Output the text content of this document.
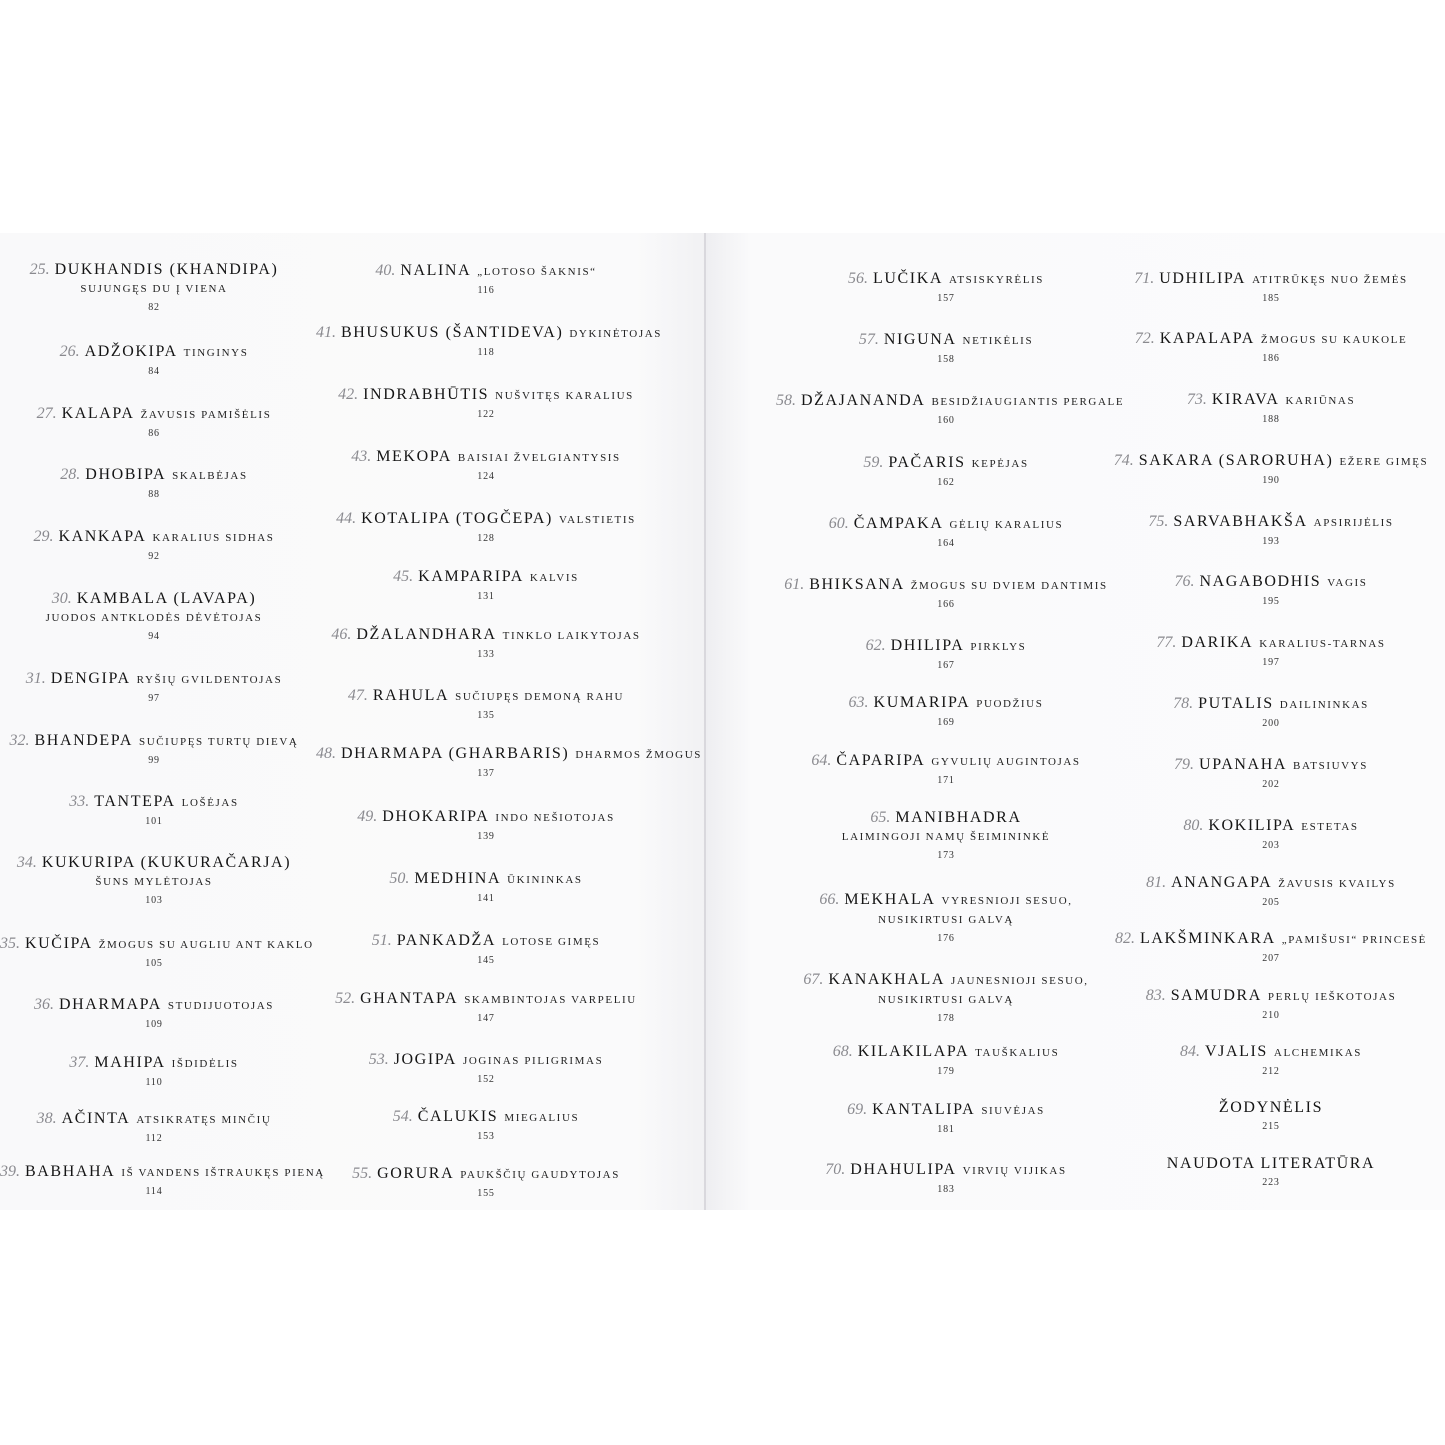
25. DUKHANDIS (KHANDIPA)
SUJUNGĘS DU Į VIENA
82
26. ADŽOKIPA TINGINYS
84
27. KALAPA ŽAVUSIS PAMIŠĖLIS
86
28. DHOBIPA SKALBĖJAS
88
29. KANKAPA KARALIUS SIDHAS
92
30. KAMBALA (LAVAPA)
JUODOS ANTKLODĖS DĖVĖTOJAS
94
31. DENGIPA RYŠIŲ GVILDENTOJAS
97
32. BHANDEPA SUČIUPĘS TURTŲ DIEVĄ
99
33. TANTEPA LOŠĖJAS
101
34. KUKURIPA (KUKURAČARJA)
ŠUNS MYLĖTOJAS
103
35. KUČIPA ŽMOGUS SU AUGLIU ANT KAKLO
105
36. DHARMAPA STUDIJUOTOJAS
109
37. MAHIPA IŠDIDĖLIS
110
38. AČINTA ATSIKRATĘS MINČIŲ
112
39. BABHAHA IŠ VANDENS IŠTRAUKĘS PIENĄ
114
40. NALINA „LOTOSO ŠAKNIS“
116
41. BHUSUKUS (ŠANTIDEVA) DYKINĖTOJAS
118
42. INDRABHŪTIS NUŠVITĘS KARALIUS
122
43. MEKOPA BAISIAI ŽVELGIANTYSIS
124
44. KOTALIPA (TOGČEPA) VALSTIETIS
128
45. KAMPARIPA KALVIS
131
46. DŽALANDHARA TINKLO LAIKYTOJAS
133
47. RAHULA SUČIUPĘS DEMONĄ RAHU
135
48. DHARMAPA (GHARBARIS) DHARMOS ŽMOGUS
137
49. DHOKARIPA INDO NEŠIOTOJAS
139
50. MEDHINA ŪKININKAS
141
51. PANKADŽA LOTOSE GIMĘS
145
52. GHANTAPA SKAMBINTOJAS VARPELIU
147
53. JOGIPA JOGINAS PILIGRIMAS
152
54. ČALUKIS MIEGALIUS
153
55. GORURA PAUKŠČIŲ GAUDYTOJAS
155
56. LUČIKA ATSISKYRĖLIS
157
57. NIGUNA NETIKĖLIS
158
58. DŽAJANANDA BESIDŽIAUGIANTIS PERGALE
160
59. PAČARIS KEPĖJAS
162
60. ČAMPAKA GĖLIŲ KARALIUS
164
61. BHIKSANA ŽMOGUS SU DVIEM DANTIMIS
166
62. DHILIPA PIRKLYS
167
63. KUMARIPA PUODŽIUS
169
64. ČAPARIPA GYVULIŲ AUGINTOJAS
171
65. MANIBHADRA
LAIMINGOJI NAMŲ ŠEIMININKĖ
173
66. MEKHALA VYRESNIOJI SESUO,
NUSIKIRTUSI GALVĄ
176
67. KANAKHALA JAUNESNIOJI SESUO,
NUSIKIRTUSI GALVĄ
178
68. KILAKILAPA TAUŠKALIUS
179
69. KANTALIPA SIUVĖJAS
181
70. DHAHULIPA VIRVIŲ VIJIKAS
183
71. UDHILIPA ATITRŪKĘS NUO ŽEMĖS
185
72. KAPALAPA ŽMOGUS SU KAUKOLE
186
73. KIRAVA KARIŪNAS
188
74. SAKARA (SARORUHA) EŽERE GIMĘS
190
75. SARVABHAKŠA APSIRIJĖLIS
193
76. NAGABODHIS VAGIS
195
77. DARIKA KARALIUS-TARNAS
197
78. PUTALIS DAILININKAS
200
79. UPANAHA BATSIUVYS
202
80. KOKILIPA ESTETAS
203
81. ANANGAPA ŽAVUSIS KVAILYS
205
82. LAKŠMINKARA „PAMIŠUSI“ PRINCESĖ
207
83. SAMUDRA PERLŲ IEŠKOTOJAS
210
84. VJALIS ALCHEMIKAS
212
ŽODYNĖLIS
215
NAUDOTA LITERATŪRA
223
